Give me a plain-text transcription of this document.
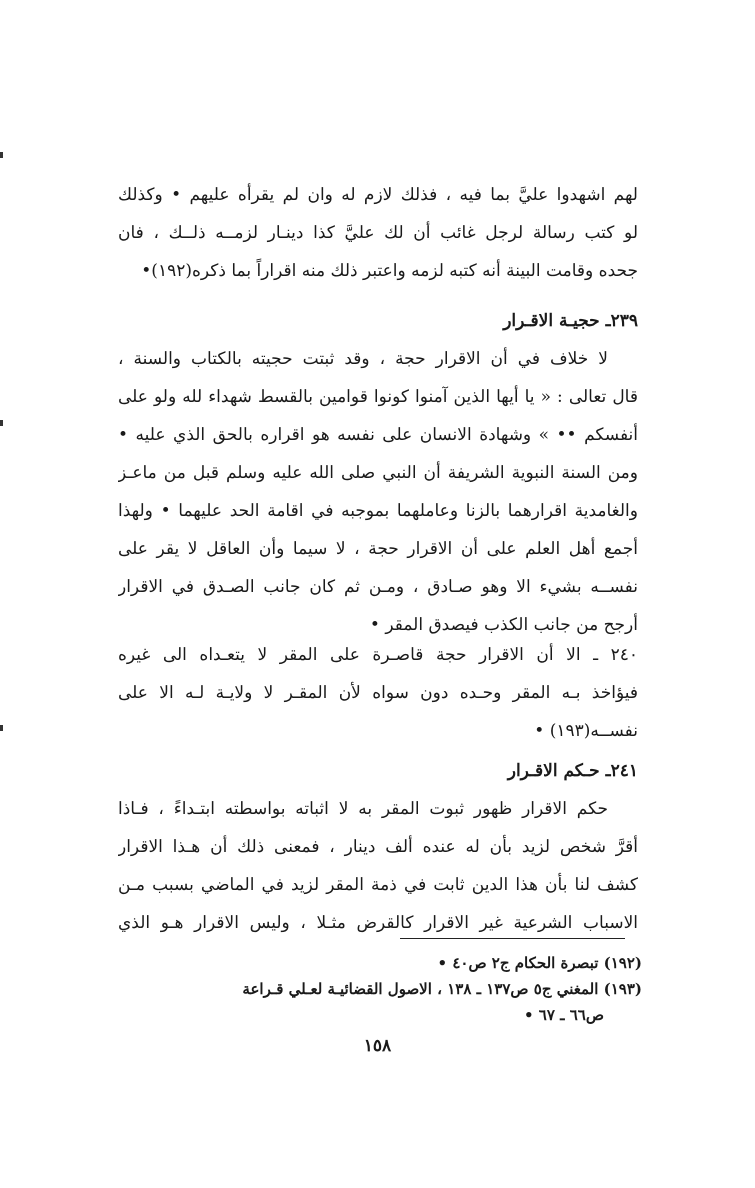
لهم اشهدوا عليَّ بما فيه ، فذلك لازم له وان لم يقرأه عليهم • وكذلك
لو كتب رسالة لرجل غائب أن لك عليَّ كذا دينـار لزمــه ذلــك ، فان
جحده وقامت البينة أنه كتبه لزمه واعتبر ذلك منه اقراراً بما ذكره(١٩٢)•
٢٣٩ـ حجيـة الاقـرار
لا خلاف في أن الاقرار حجة ، وقد ثبتت حجيته بالكتاب والسنة ،
قال تعالى : « يا أيها الذين آمنوا كونوا قوامين بالقسط شهداء لله ولو على
أنفسكم •• » وشهادة الانسان على نفسه هو اقراره بالحق الذي عليه •
ومن السنة النبوية الشريفة أن النبي صلى الله عليه وسلم قبل من ماعـز
والغامدية اقرارهما بالزنا وعاملهما بموجبه في اقامة الحد عليهما • ولهذا
أجمع أهل العلم على أن الاقرار حجة ، لا سيما وأن العاقل لا يقر على
نفســه بشيء الا وهو صـادق ، ومـن ثم كان جانب الصـدق في الاقرار
أرجح من جانب الكذب فيصدق المقر •
٢٤٠ ـ الا أن الاقرار حجة قاصـرة على المقر لا يتعـداه الى غيره
فيؤاخذ بـه المقر وحـده دون سواه لأن المقـر لا ولايـة لـه الا على
نفســه(١٩٣) •
٢٤١ـ حـكم الاقـرار
حكم الاقرار ظهور ثبوت المقر به لا اثباته بواسطته ابتـداءً ، فـاذا
أقرَّ شخص لزيد بأن له عنده ألف دينار ، فمعنى ذلك أن هـذا الاقرار
كشف لنا بأن هذا الدين ثابت في ذمة المقر لزيد في الماضي بسبب مـن
الاسباب الشرعية غير الاقرار كالقرض مثـلا ، وليس الاقرار هـو الذي
(١٩٢) تبصرة الحكام ج٢ ص٤٠ •
(١٩٣) المغني ج٥ ص١٣٧ ـ ١٣٨ ، الاصول القضائيـة لعـلي قـراعة
ص٦٦ ـ ٦٧ •
١٥٨
